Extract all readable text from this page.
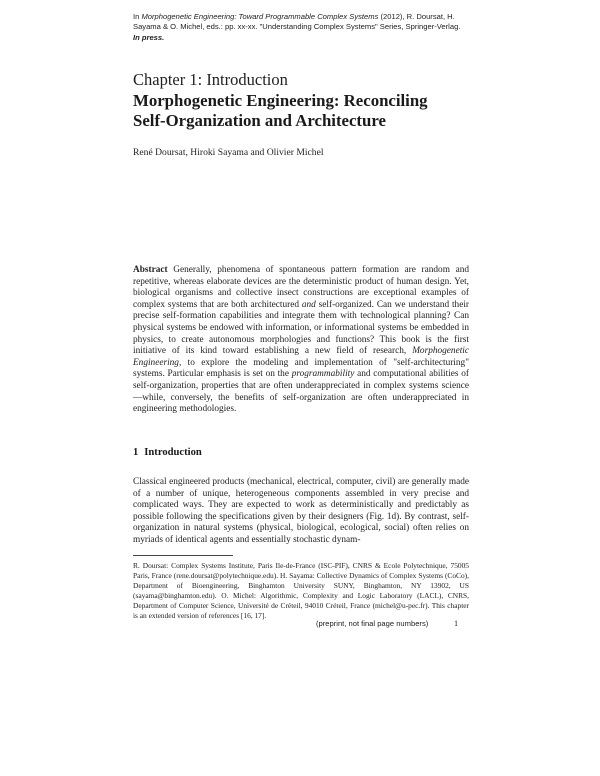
In Morphogenetic Engineering: Toward Programmable Complex Systems (2012), R. Doursat, H. Sayama & O. Michel, eds.: pp. xx-xx. "Understanding Complex Systems" Series, Springer-Verlag. In press.
Chapter 1: Introduction
Morphogenetic Engineering: Reconciling
Self-Organization and Architecture
René Doursat, Hiroki Sayama and Olivier Michel
Abstract Generally, phenomena of spontaneous pattern formation are random and repetitive, whereas elaborate devices are the deterministic product of human design. Yet, biological organisms and collective insect constructions are exceptional examples of complex systems that are both architectured and self-organized. Can we understand their precise self-formation capabilities and integrate them with technological planning? Can physical systems be endowed with information, or informational systems be embedded in physics, to create autonomous morphologies and functions? This book is the first initiative of its kind toward establishing a new field of research, Morphogenetic Engineering, to explore the modeling and implementation of "self-architecturing" systems. Particular emphasis is set on the programmability and computational abilities of self-organization, properties that are often underappreciated in complex systems science—while, conversely, the benefits of self-organization are often underappreciated in engineering methodologies.
1 Introduction
Classical engineered products (mechanical, electrical, computer, civil) are generally made of a number of unique, heterogeneous components assembled in very precise and complicated ways. They are expected to work as deterministically and predictably as possible following the specifications given by their designers (Fig. 1d). By contrast, self-organization in natural systems (physical, biological, ecological, social) often relies on myriads of identical agents and essentially stochastic dynam-
R. Doursat: Complex Systems Institute, Paris Ile-de-France (ISC-PIF), CNRS & Ecole Polytechnique, 75005 Paris, France (rene.doursat@polytechnique.edu). H. Sayama: Collective Dynamics of Complex Systems (CoCo), Department of Bioengineering, Binghamton University SUNY, Binghamton, NY 13902, US (sayama@binghamton.edu). O. Michel: Algorithmic, Complexity and Logic Laboratory (LACL), CNRS, Department of Computer Science, Université de Créteil, 94010 Créteil, France (michel@u-pec.fr). This chapter is an extended version of references [16, 17].
(preprint, not final page numbers)	1
